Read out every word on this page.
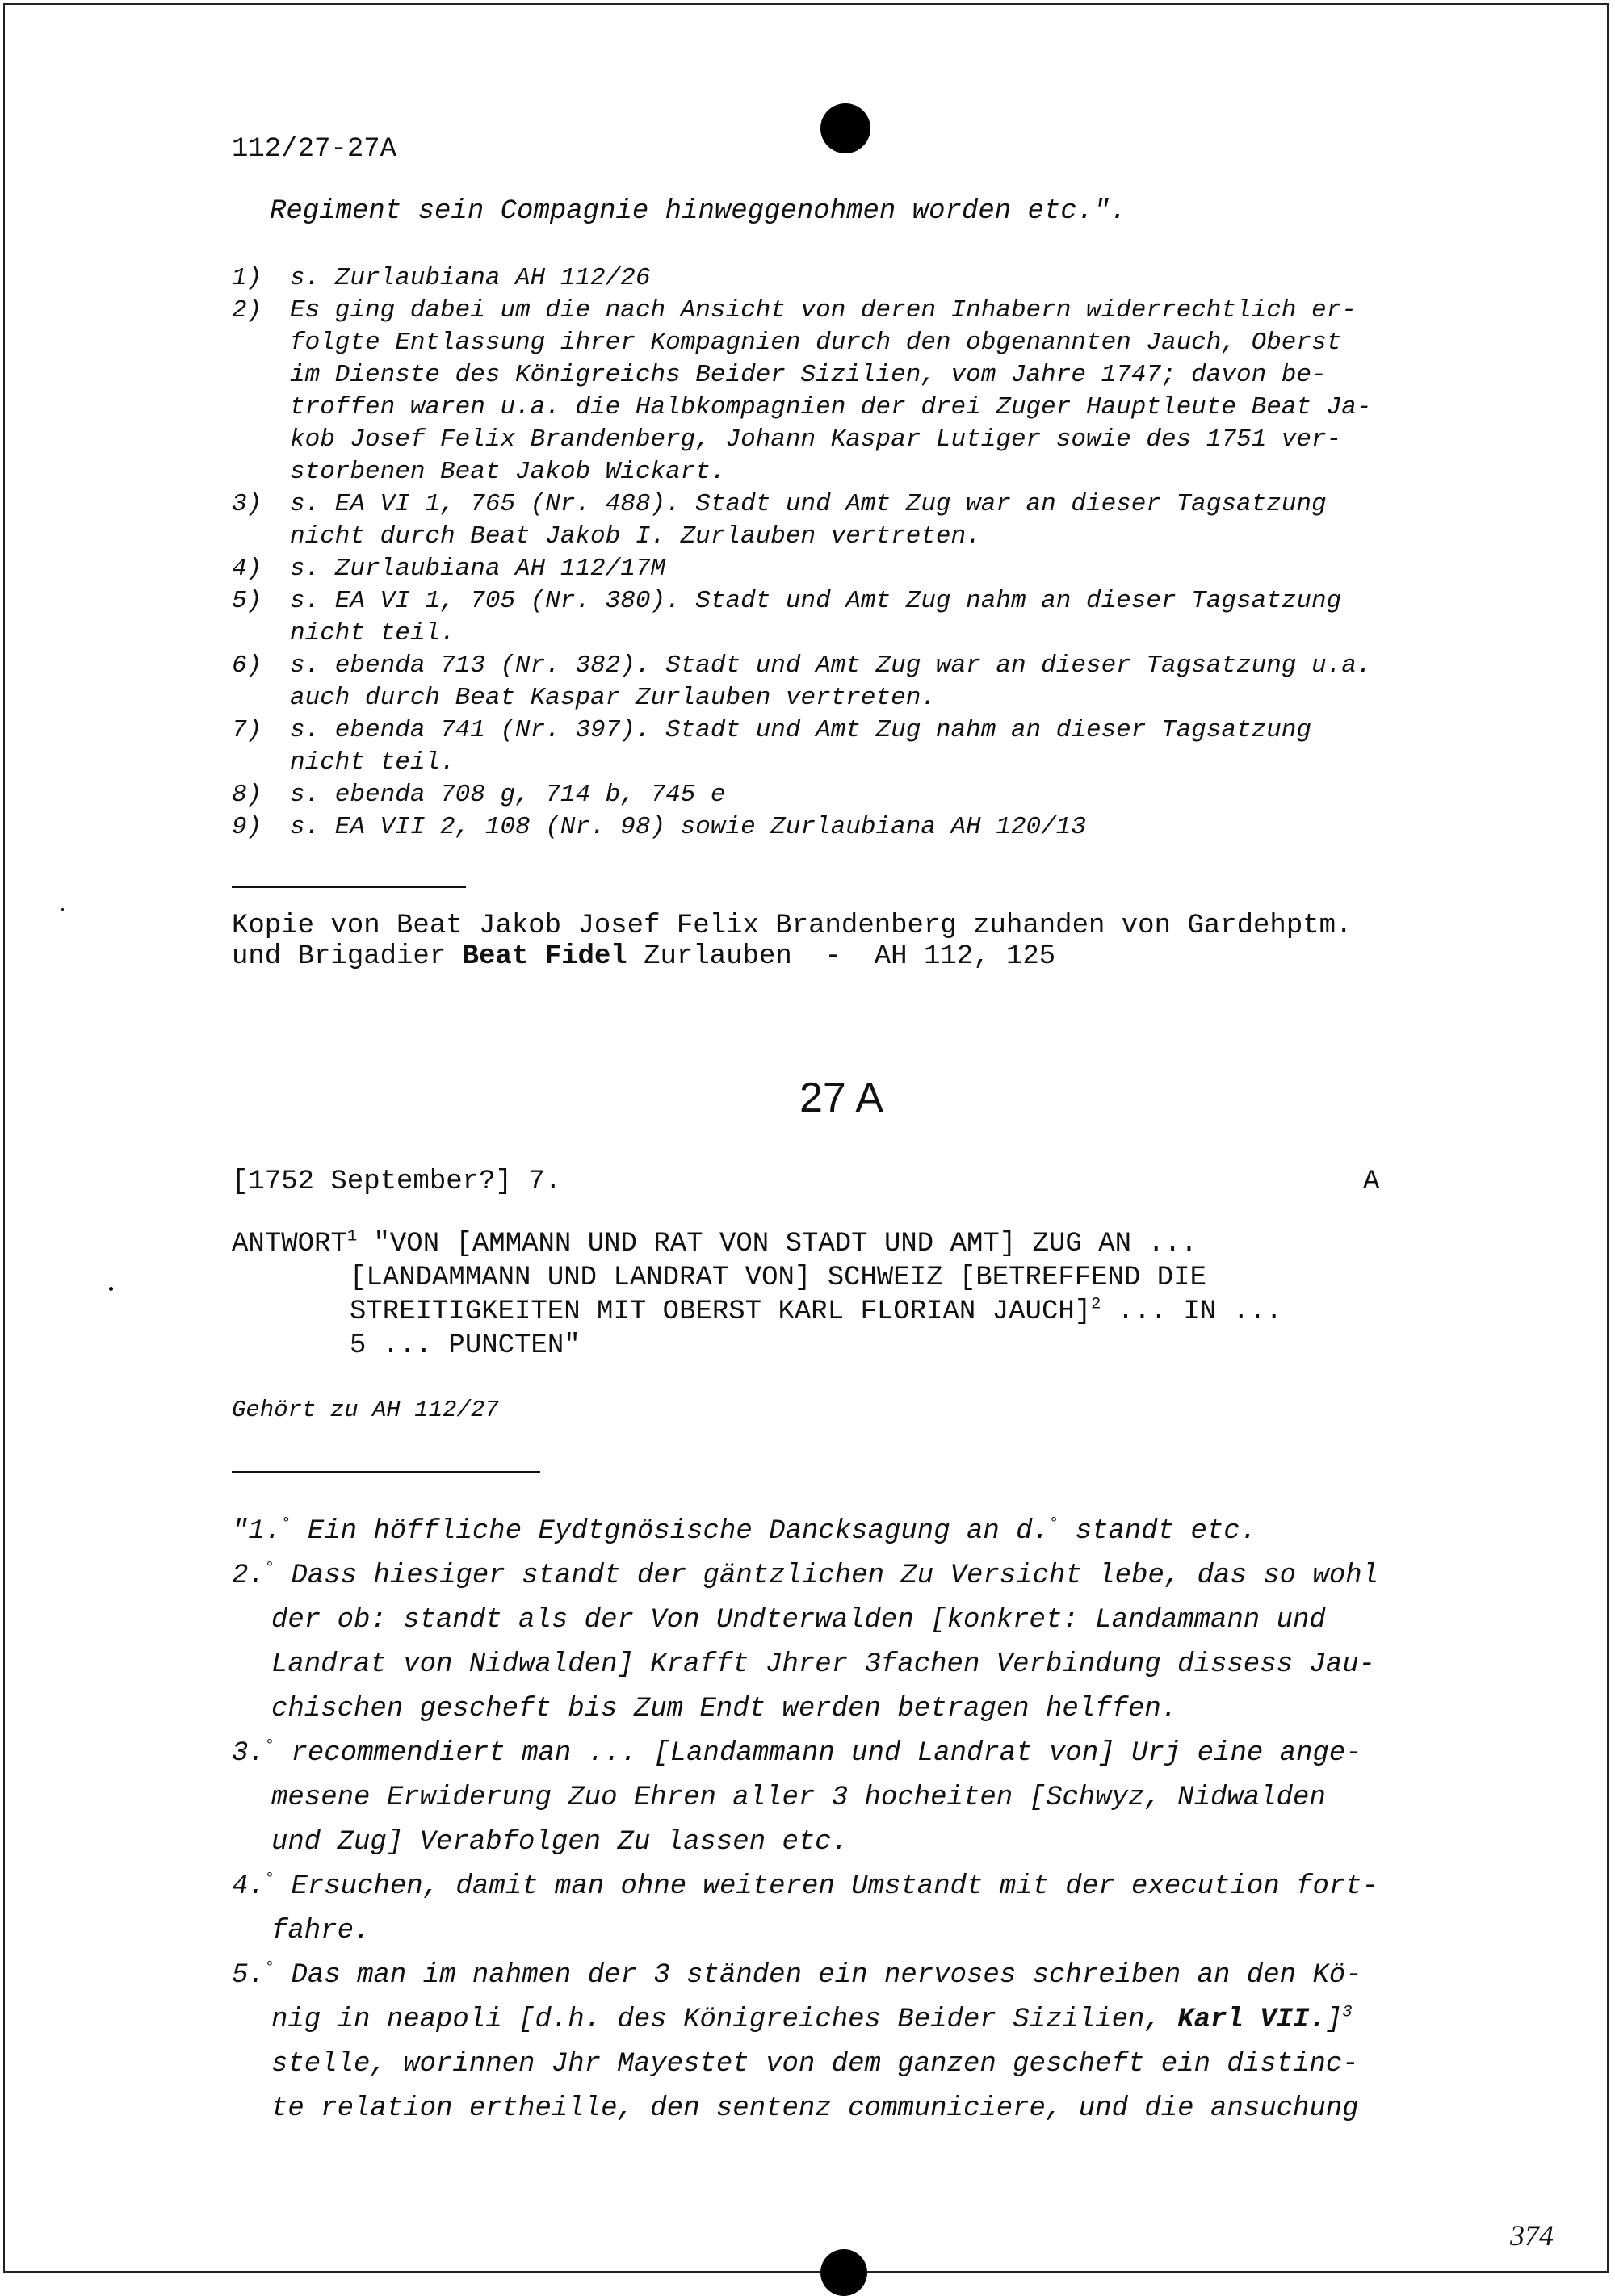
112/27-27A
Regiment sein Compagnie hinweggenohmen worden etc.".
1) s. Zurlaubiana AH 112/26
2) Es ging dabei um die nach Ansicht von deren Inhabern widerrechtlich er-
folgte Entlassung ihrer Kompagnien durch den obgenannten Jauch, Oberst
im Dienste des Königreichs Beider Sizilien, vom Jahre 1747; davon be-
troffen waren u.a. die Halbkompagnien der drei Zuger Hauptleute Beat Ja-
kob Josef Felix Brandenberg, Johann Kaspar Lutiger sowie des 1751 ver-
storbenen Beat Jakob Wickart.
3) s. EA VI 1, 765 (Nr. 488). Stadt und Amt Zug war an dieser Tagsatzung
nicht durch Beat Jakob I. Zurlauben vertreten.
4) s. Zurlaubiana AH 112/17M
5) s. EA VI 1, 705 (Nr. 380). Stadt und Amt Zug nahm an dieser Tagsatzung
nicht teil.
6) s. ebenda 713 (Nr. 382). Stadt und Amt Zug war an dieser Tagsatzung u.a.
auch durch Beat Kaspar Zurlauben vertreten.
7) s. ebenda 741 (Nr. 397). Stadt und Amt Zug nahm an dieser Tagsatzung
nicht teil.
8) s. ebenda 708 g, 714 b, 745 e
9) s. EA VII 2, 108 (Nr. 98) sowie Zurlaubiana AH 120/13
Kopie von Beat Jakob Josef Felix Brandenberg zuhanden von Gardehptm.
und Brigadier Beat Fidel Zurlauben  -  AH 112, 125
27 A
[1752 September?] 7.	A
ANTWORT$^1$ "VON [AMMANN UND RAT VON STADT UND AMT] ZUG AN ...
[LANDAMMANN UND LANDRAT VON] SCHWEIZ [BETREFFEND DIE
STREITIGKEITEN MIT OBERST KARL FLORIAN JAUCH]$^2$ ... IN ...
5 ... PUNCTEN"
Gehört zu AH 112/27
"1.° Ein höffliche Eydtgnösische Dancksagung an d.° standt etc.
2.° Dass hiesiger standt der gäntzlichen Zu Versicht lebe, das so wohl
der ob: standt als der Von Undterwalden [konkret: Landammann und
Landrat von Nidwalden] Krafft Jhrer 3fachen Verbindung dissess Jau-
chischen gescheft bis Zum Endt werden betragen helffen.
3.° recommendiert man ... [Landammann und Landrat von] Urj eine ange-
mesene Erwiderung Zuo Ehren aller 3 hocheiten [Schwyz, Nidwalden
und Zug] Verabfolgen Zu lassen etc.
4.° Ersuchen, damit man ohne weiteren Umstandt mit der execution fort-
fahre.
5.° Das man im nahmen der 3 ständen ein nervoses schreiben an den Kö-
nig in neapoli [d.h. des Königreiches Beider Sizilien, Karl VII.]$^3$
stelle, worinnen Jhr Mayestet von dem ganzen gescheft ein distinc-
te relation ertheille, den sentenz communiciere, und die ansuchung
374
